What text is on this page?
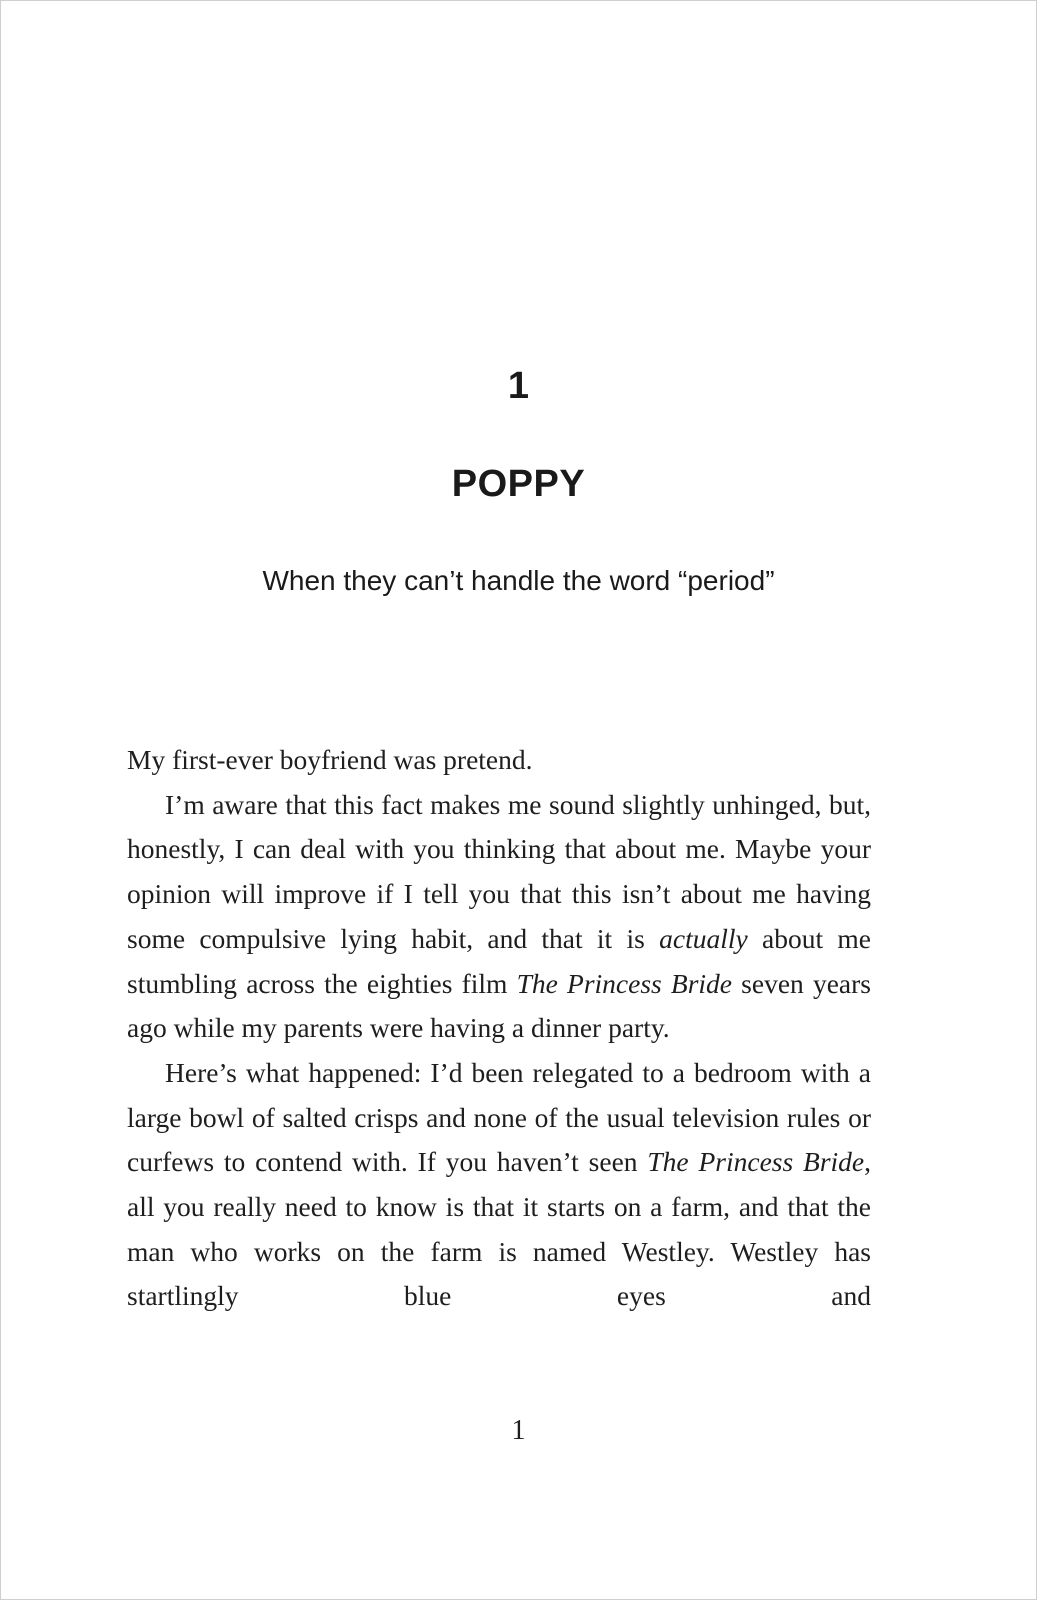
1
POPPY
When they can’t handle the word “period”

My first-ever boyfriend was pretend.

I’m aware that this fact makes me sound slightly unhinged, but, honestly, I can deal with you thinking that about me. Maybe your opinion will improve if I tell you that this isn’t about me having some compulsive lying habit, and that it is actually about me stumbling across the eighties film The Princess Bride seven years ago while my parents were having a dinner party.

Here’s what happened: I’d been relegated to a bedroom with a large bowl of salted crisps and none of the usual television rules or curfews to contend with. If you haven’t seen The Princess Bride, all you really need to know is that it starts on a farm, and that the man who works on the farm is named Westley. Westley has startlingly blue eyes and

1
